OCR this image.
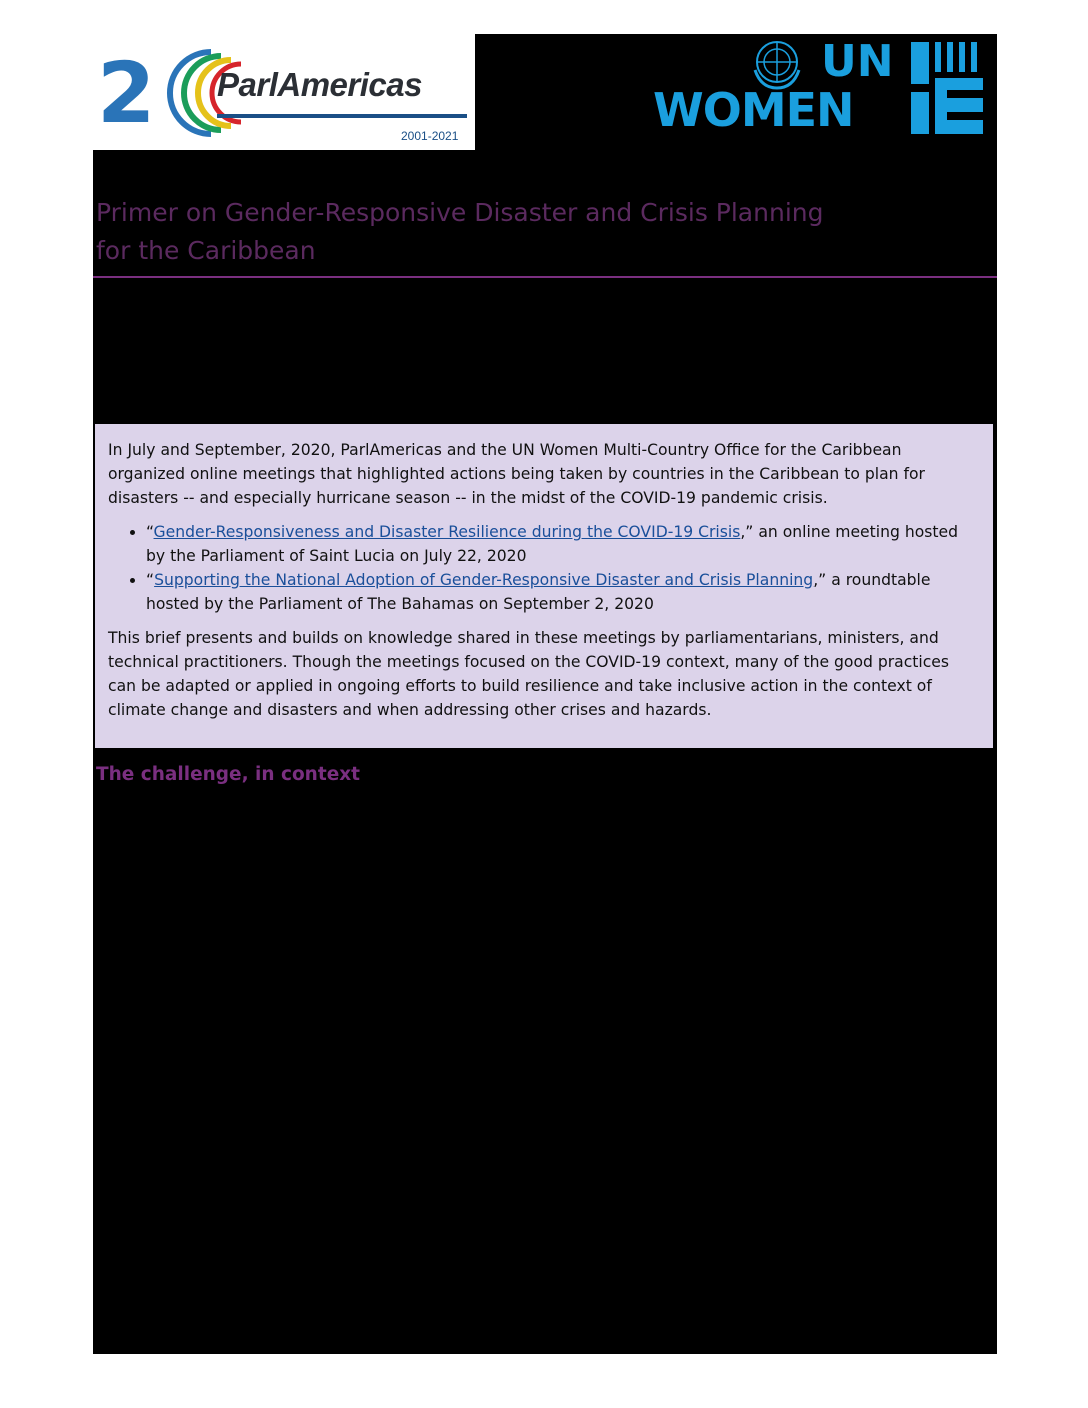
2 ParlAmericas
2001-2021
UN
WOMEN
Primer on Gender-Responsive Disaster and Crisis Planning
for the Caribbean

In July and September, 2020, ParlAmericas and the UN Women Multi-Country Office for the Caribbean organized online meetings that highlighted actions being taken by countries in the Caribbean to plan for disasters -- and especially hurricane season -- in the midst of the COVID-19 pandemic crisis.

• “Gender-Responsiveness and Disaster Resilience during the COVID-19 Crisis,” an online meeting hosted by the Parliament of Saint Lucia on July 22, 2020
• “Supporting the National Adoption of Gender-Responsive Disaster and Crisis Planning,” a roundtable hosted by the Parliament of The Bahamas on September 2, 2020

This brief presents and builds on knowledge shared in these meetings by parliamentarians, ministers, and technical practitioners. Though the meetings focused on the COVID-19 context, many of the good practices can be adapted or applied in ongoing efforts to build resilience and take inclusive action in the context of climate change and disasters and when addressing other crises and hazards.

The challenge, in context
